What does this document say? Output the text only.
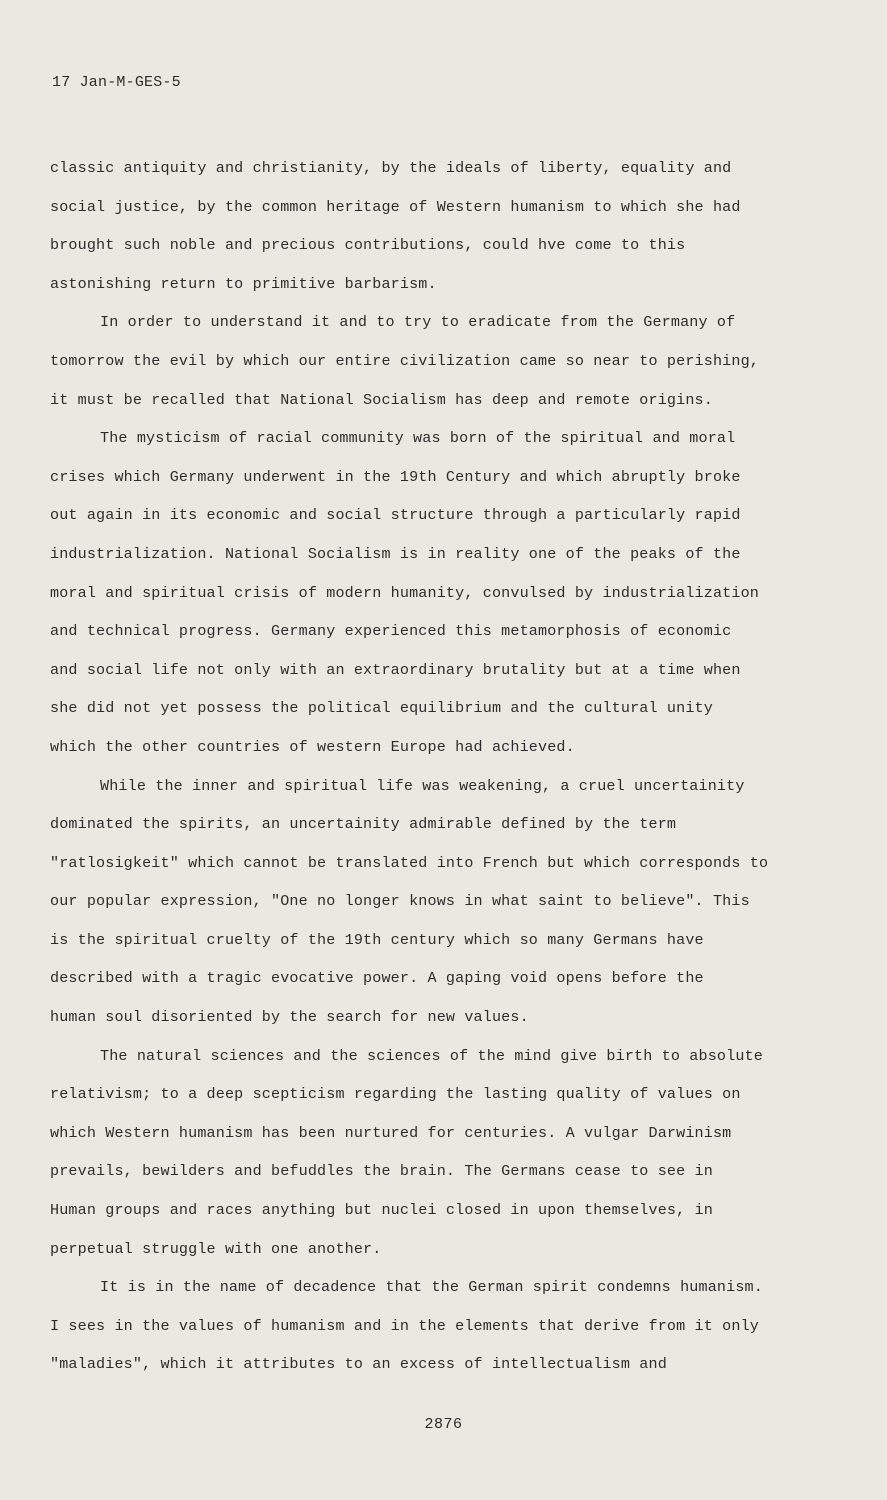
17 Jan-M-GES-5
classic antiquity and christianity, by the ideals of liberty, equality and
social justice, by the common heritage of Western humanism to which she had
brought such noble and precious contributions, could hve come to this
astonishing return to primitive barbarism.
In order to understand it and to try to eradicate from the Germany of
tomorrow the evil by which our entire civilization came so near to perishing,
it must be recalled that National Socialism has deep and remote origins.
The mysticism of racial community was born of the spiritual and moral
crises which Germany underwent in the 19th Century and which abruptly broke
out again in its economic and social structure through a particularly rapid
industrialization. National Socialism is in reality one of the peaks of the
moral and spiritual crisis of modern humanity, convulsed by industrialization
and technical progress. Germany experienced this metamorphosis of economic
and social life not only with an extraordinary brutality but at a time when
she did not yet possess the political equilibrium and the cultural unity
which the other countries of western Europe had achieved.
While the inner and spiritual life was weakening, a cruel uncertainity
dominated the spirits, an uncertainity admirable defined by the term
"ratlosigkeit" which cannot be translated into French but which corresponds to
our popular expression, "One no longer knows in what saint to believe". This
is the spiritual cruelty of the 19th century which so many Germans have
described with a tragic evocative power. A gaping void opens before the
human soul disoriented by the search for new values.
The natural sciences and the sciences of the mind give birth to absolute
relativism; to a deep scepticism regarding the lasting quality of values on
which Western humanism has been nurtured for centuries. A vulgar Darwinism
prevails, bewilders and befuddles the brain. The Germans cease to see in
Human groups and races anything but nuclei closed in upon themselves, in
perpetual struggle with one another.
It is in the name of decadence that the German spirit condemns humanism.
I sees in the values of humanism and in the elements that derive from it only
"maladies", which it attributes to an excess of intellectualism and
2876
